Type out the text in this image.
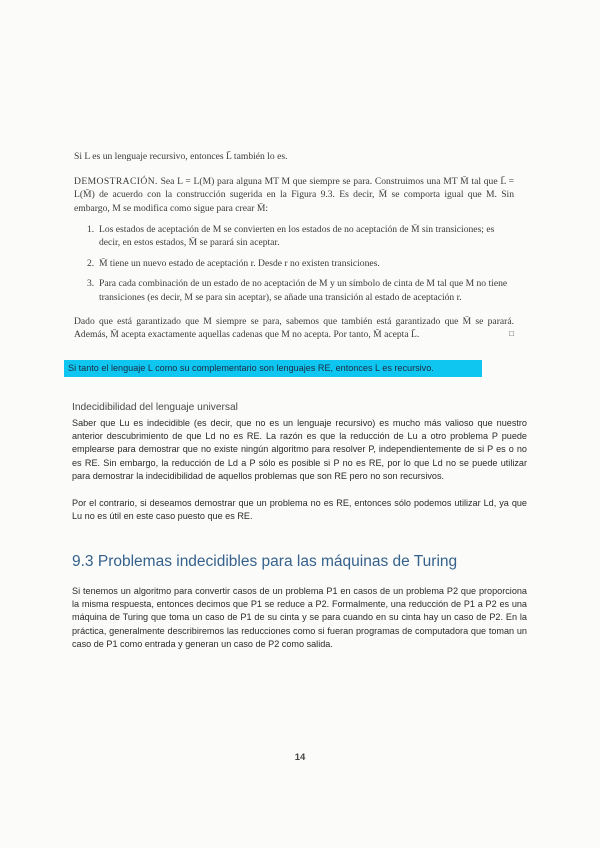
Si L es un lenguaje recursivo, entonces L̄ también lo es.

DEMOSTRACIÓN. Sea L = L(M) para alguna MT M que siempre se para. Construimos una MT M̄ tal que L̄ = L(M̄) de acuerdo con la construcción sugerida en la Figura 9.3. Es decir, M̄ se comporta igual que M. Sin embargo, M se modifica como sigue para crear M̄:

1. Los estados de aceptación de M se convierten en los estados de no aceptación de M̄ sin transiciones; es decir, en estos estados, M̄ se parará sin aceptar.
2. M̄ tiene un nuevo estado de aceptación r. Desde r no existen transiciones.
3. Para cada combinación de un estado de no aceptación de M y un símbolo de cinta de M tal que M no tiene transiciones (es decir, M se para sin aceptar), se añade una transición al estado de aceptación r.
Dado que está garantizado que M siempre se para, sabemos que también está garantizado que M̄ se parará. Además, M̄ acepta exactamente aquellas cadenas que M no acepta. Por tanto, M̄ acepta L̄.	□
Si tanto el lenguaje L como su complementario son lenguajes RE, entonces L es recursivo.
Indecidibilidad del lenguaje universal

Saber que Lu es indecidible (es decir, que no es un lenguaje recursivo) es mucho más valioso que nuestro anterior descubrimiento de que Ld no es RE. La razón es que la reducción de Lu a otro problema P puede emplearse para demostrar que no existe ningún algoritmo para resolver P, independientemente de si P es o no es RE. Sin embargo, la reducción de Ld a P sólo es posible si P no es RE, por lo que Ld no se puede utilizar para demostrar la indecidibilidad de aquellos problemas que son RE pero no son recursivos.

Por el contrario, si deseamos demostrar que un problema no es RE, entonces sólo podemos utilizar Ld, ya que Lu no es útil en este caso puesto que es RE.

9.3 Problemas indecidibles para las máquinas de Turing

Si tenemos un algoritmo para convertir casos de un problema P1 en casos de un problema P2 que proporciona la misma respuesta, entonces decimos que P1 se reduce a P2. Formalmente, una reducción de P1 a P2 es una máquina de Turing que toma un caso de P1 de su cinta y se para cuando en su cinta hay un caso de P2. En la práctica, generalmente describiremos las reducciones como si fueran programas de computadora que toman un caso de P1 como entrada y generan un caso de P2 como salida.

14
